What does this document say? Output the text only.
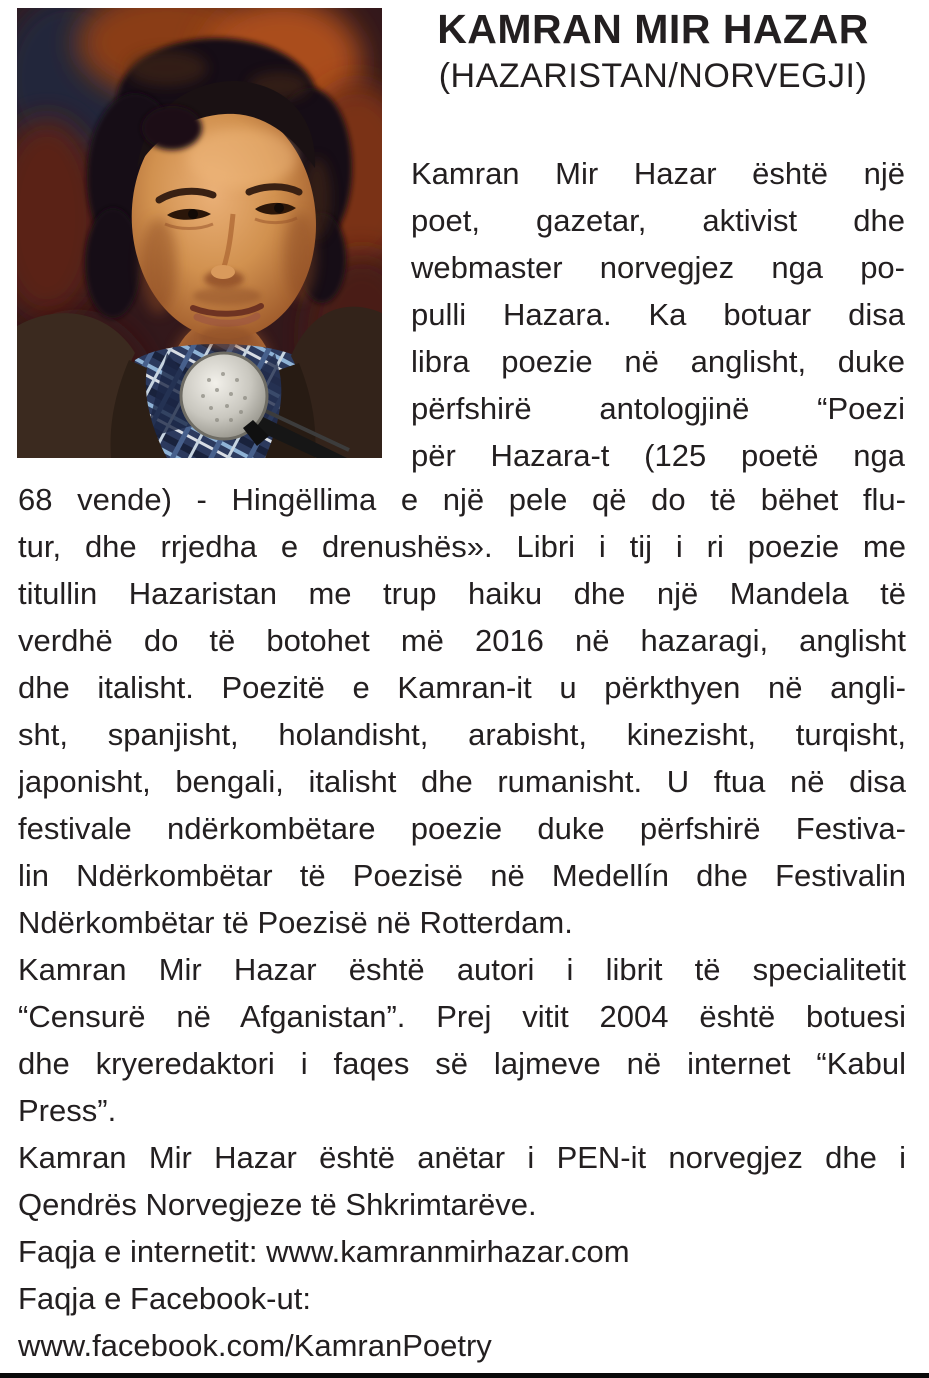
KAMRAN MIR HAZAR
(HAZARISTAN/NORVEGJI)
Kamran Mir Hazar është një
poet, gazetar, aktivist dhe
webmaster norvegjez nga po-
pulli Hazara. Ka botuar disa
libra poezie në anglisht, duke
përfshirë antologjinë “Poezi
për Hazara-t (125 poetë nga
68 vende) - Hingëllima e një pele që do të bëhet flu-
tur, dhe rrjedha e drenushës». Libri i tij i ri poezie me
titullin Hazaristan me trup haiku dhe një Mandela të
verdhë do të botohet më 2016 në hazaragi, anglisht
dhe italisht. Poezitë e Kamran-it u përkthyen në angli-
sht, spanjisht, holandisht, arabisht, kinezisht, turqisht,
japonisht, bengali, italisht dhe rumanisht. U ftua në disa
festivale ndërkombëtare poezie duke përfshirë Festiva-
lin Ndërkombëtar të Poezisë në Medellín dhe Festivalin
Ndërkombëtar të Poezisë në Rotterdam.
Kamran Mir Hazar është autori i librit të specialitetit
“Censurë në Afganistan”. Prej vitit 2004 është botuesi
dhe kryeredaktori i faqes së lajmeve në internet “Kabul
Press”.
Kamran Mir Hazar është anëtar i PEN-it norvegjez dhe i
Qendrës Norvegjeze të Shkrimtarëve.
Faqja e internetit: www.kamranmirhazar.com
Faqja e Facebook-ut:
www.facebook.com/KamranPoetry
